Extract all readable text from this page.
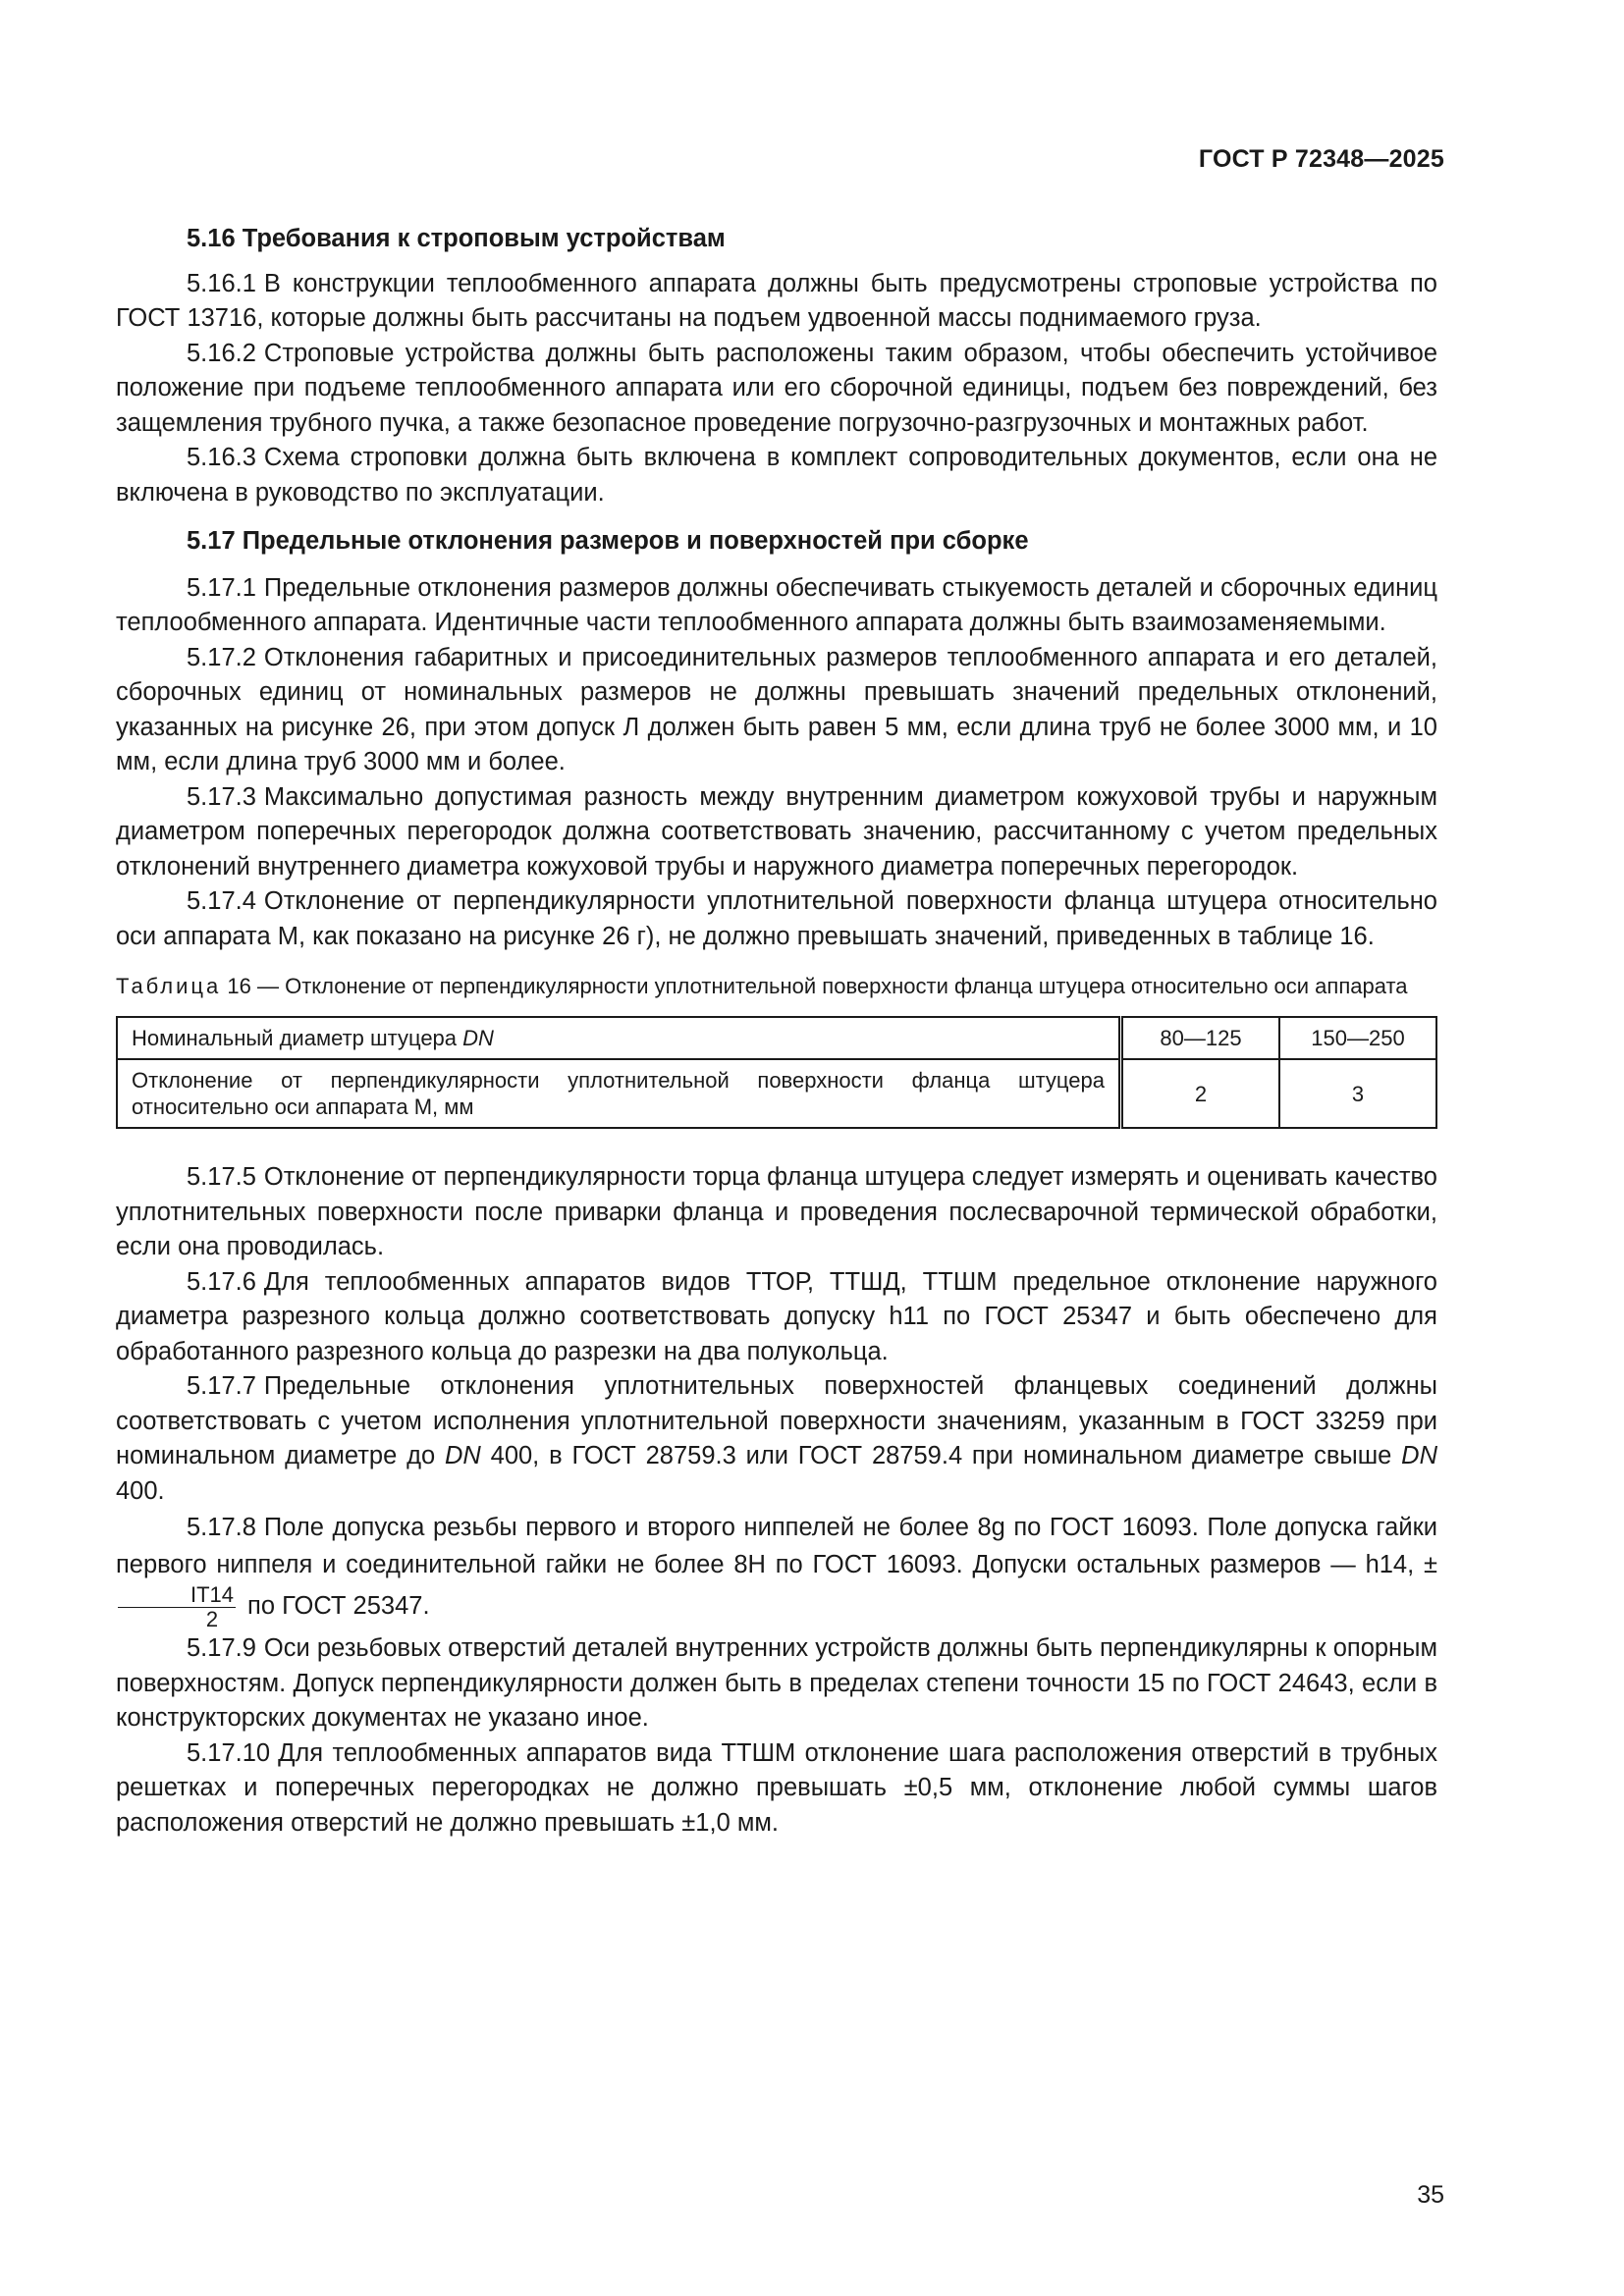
ГОСТ Р 72348—2025

5.16 Требования к строповым устройствам

5.16.1 В конструкции теплообменного аппарата должны быть предусмотрены строповые устройства по ГОСТ 13716, которые должны быть рассчитаны на подъем удвоенной массы поднимаемого груза.

5.16.2 Строповые устройства должны быть расположены таким образом, чтобы обеспечить устойчивое положение при подъеме теплообменного аппарата или его сборочной единицы, подъем без повреждений, без защемления трубного пучка, а также безопасное проведение погрузочно-разгрузочных и монтажных работ.

5.16.3 Схема строповки должна быть включена в комплект сопроводительных документов, если она не включена в руководство по эксплуатации.

5.17 Предельные отклонения размеров и поверхностей при сборке

5.17.1 Предельные отклонения размеров должны обеспечивать стыкуемость деталей и сборочных единиц теплообменного аппарата. Идентичные части теплообменного аппарата должны быть взаимозаменяемыми.

5.17.2 Отклонения габаритных и присоединительных размеров теплообменного аппарата и его деталей, сборочных единиц от номинальных размеров не должны превышать значений предельных отклонений, указанных на рисунке 26, при этом допуск Л должен быть равен 5 мм, если длина труб не более 3000 мм, и 10 мм, если длина труб 3000 мм и более.

5.17.3 Максимально допустимая разность между внутренним диаметром кожуховой трубы и наружным диаметром поперечных перегородок должна соответствовать значению, рассчитанному с учетом предельных отклонений внутреннего диаметра кожуховой трубы и наружного диаметра поперечных перегородок.

5.17.4 Отклонение от перпендикулярности уплотнительной поверхности фланца штуцера относительно оси аппарата М, как показано на рисунке 26 г), не должно превышать значений, приведенных в таблице 16.

Таблица 16 — Отклонение от перпендикулярности уплотнительной поверхности фланца штуцера относительно оси аппарата
Номинальный диаметр штуцера DN	80—125	150—250
Отклонение от перпендикулярности уплотнительной поверхности фланца штуцера относительно оси аппарата М, мм	2	3

5.17.5 Отклонение от перпендикулярности торца фланца штуцера следует измерять и оценивать качество уплотнительных поверхности после приварки фланца и проведения послесварочной термической обработки, если она проводилась.

5.17.6 Для теплообменных аппаратов видов ТТОР, ТТШД, ТТШМ предельное отклонение наружного диаметра разрезного кольца должно соответствовать допуску h11 по ГОСТ 25347 и быть обеспечено для обработанного разрезного кольца до разрезки на два полукольца.

5.17.7 Предельные отклонения уплотнительных поверхностей фланцевых соединений должны соответствовать с учетом исполнения уплотнительной поверхности значениям, указанным в ГОСТ 33259 при номинальном диаметре до DN 400, в ГОСТ 28759.3 или ГОСТ 28759.4 при номинальном диаметре свыше DN 400.

5.17.8 Поле допуска резьбы первого и второго ниппелей не более 8g по ГОСТ 16093. Поле допуска гайки первого ниппеля и соединительной гайки не более 8H по ГОСТ 16093. Допуски остальных размеров — h14, ±
$\frac{IT14}{2}$ по ГОСТ 25347.

5.17.9 Оси резьбовых отверстий деталей внутренних устройств должны быть перпендикулярны к опорным поверхностям. Допуск перпендикулярности должен быть в пределах степени точности 15 по ГОСТ 24643, если в конструкторских документах не указано иное.

5.17.10 Для теплообменных аппаратов вида ТТШМ отклонение шага расположения отверстий в трубных решетках и поперечных перегородках не должно превышать ±0,5 мм, отклонение любой суммы шагов расположения отверстий не должно превышать ±1,0 мм.

35
